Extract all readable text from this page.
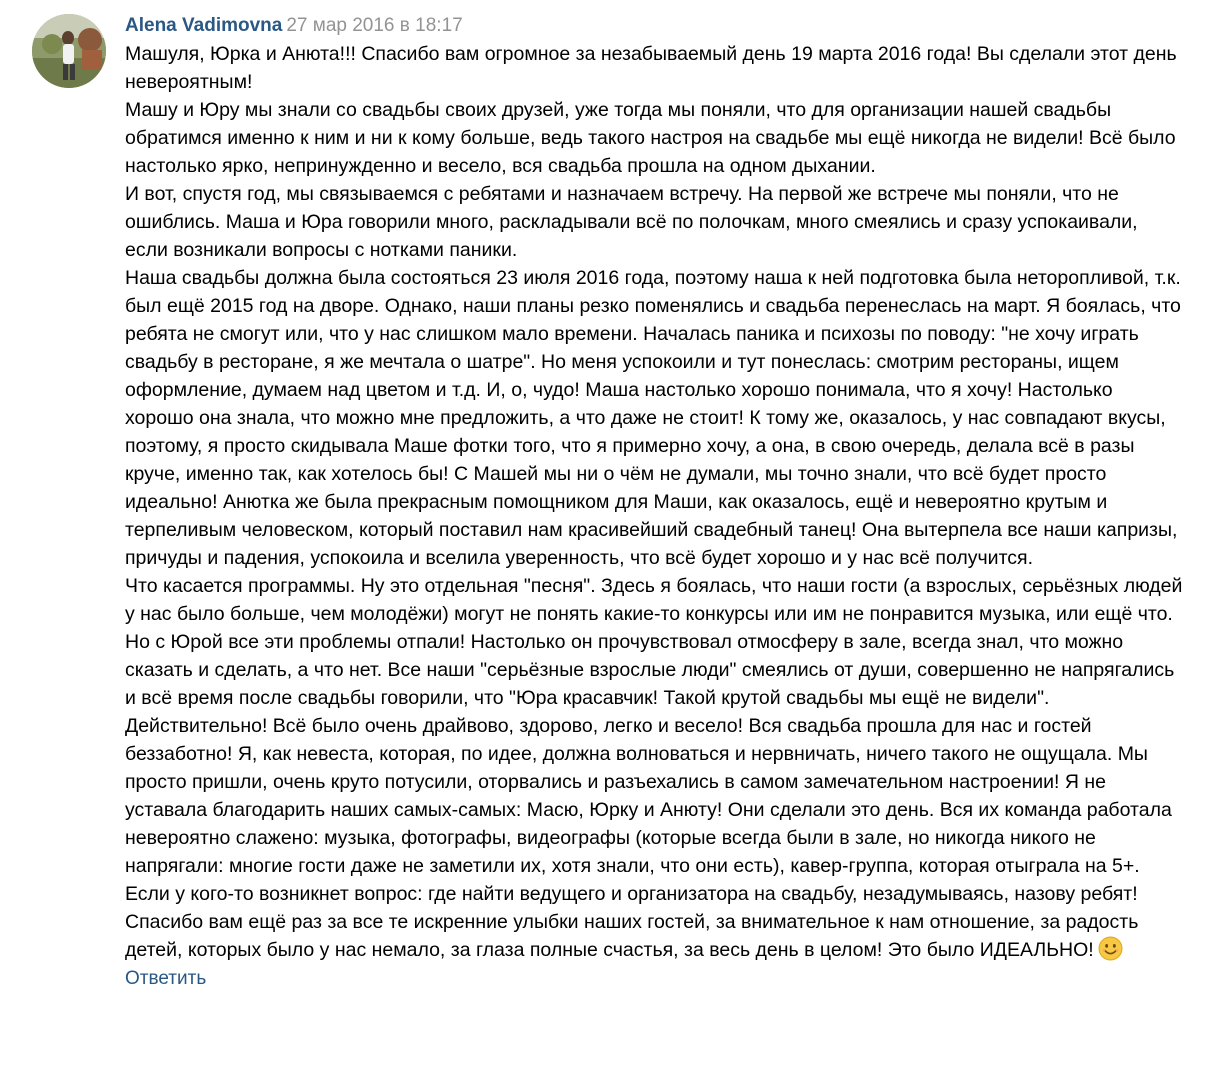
Alena Vadimovna 27 мар 2016 в 18:17

Машуля, Юрка и Анюта!!! Спасибо вам огромное за незабываемый день 19 марта 2016 года! Вы сделали этот день невероятным!

Машу и Юру мы знали со свадьбы своих друзей, уже тогда мы поняли, что для организации нашей свадьбы обратимся именно к ним и ни к кому больше, ведь такого настроя на свадьбе мы ещё никогда не видели! Всё было настолько ярко, непринужденно и весело, вся свадьба прошла на одном дыхании.

И вот, спустя год, мы связываемся с ребятами и назначаем встречу. На первой же встрече мы поняли, что не ошиблись. Маша и Юра говорили много, раскладывали всё по полочкам, много смеялись и сразу успокаивали, если возникали вопросы с нотками паники.

Наша свадьбы должна была состояться 23 июля 2016 года, поэтому наша к ней подготовка была неторопливой, т.к. был ещё 2015 год на дворе. Однако, наши планы резко поменялись и свадьба перенеслась на март. Я боялась, что ребята не смогут или, что у нас слишком мало времени. Началась паника и психозы по поводу: "не хочу играть свадьбу в ресторане, я же мечтала о шатре". Но меня успокоили и тут понеслась: смотрим рестораны, ищем оформление, думаем над цветом и т.д. И, о, чудо! Маша настолько хорошо понимала, что я хочу! Настолько хорошо она знала, что можно мне предложить, а что даже не стоит! К тому же, оказалось, у нас совпадают вкусы, поэтому, я просто скидывала Маше фотки того, что я примерно хочу, а она, в свою очередь, делала всё в разы круче, именно так, как хотелось бы! С Машей мы ни о чём не думали, мы точно знали, что всё будет просто идеально! Анютка же была прекрасным помощником для Маши, как оказалось, ещё и невероятно крутым и терпеливым человеском, который поставил нам красивейший свадебный танец! Она вытерпела все наши капризы, причуды и падения, успокоила и вселила уверенность, что всё будет хорошо и у нас всё получится.

Что касается программы. Ну это отдельная "песня". Здесь я боялась, что наши гости (а взрослых, серьёзных людей у нас было больше, чем молодёжи) могут не понять какие-то конкурсы или им не понравится музыка, или ещё что. Но с Юрой все эти проблемы отпали! Настолько он прочувствовал отмосферу в зале, всегда знал, что можно сказать и сделать, а что нет. Все наши "серьёзные взрослые люди" смеялись от души, совершенно не напрягались и всё время после свадьбы говорили, что "Юра красавчик! Такой крутой свадьбы мы ещё не видели".

Действительно! Всё было очень драйвово, здорово, легко и весело! Вся свадьба прошла для нас и гостей беззаботно! Я, как невеста, которая, по идее, должна волноваться и нервничать, ничего такого не ощущала. Мы просто пришли, очень круто потусили, оторвались и разъехались в самом замечательном настроении! Я не уставала благодарить наших самых-самых: Масю, Юрку и Анюту! Они сделали это день. Вся их команда работала невероятно слажено: музыка, фотографы, видеографы (которые всегда были в зале, но никогда никого не напрягали: многие гости даже не заметили их, хотя знали, что они есть), кавер-группа, которая отыграла на 5+. Если у кого-то возникнет вопрос: где найти ведущего и организатора на свадьбу, незадумываясь, назову ребят!

Спасибо вам ещё раз за все те искренние улыбки наших гостей, за внимательное к нам отношение, за радость детей, которых было у нас немало, за глаза полные счастья, за весь день в целом! Это было ИДЕАЛЬНО!

Ответить
